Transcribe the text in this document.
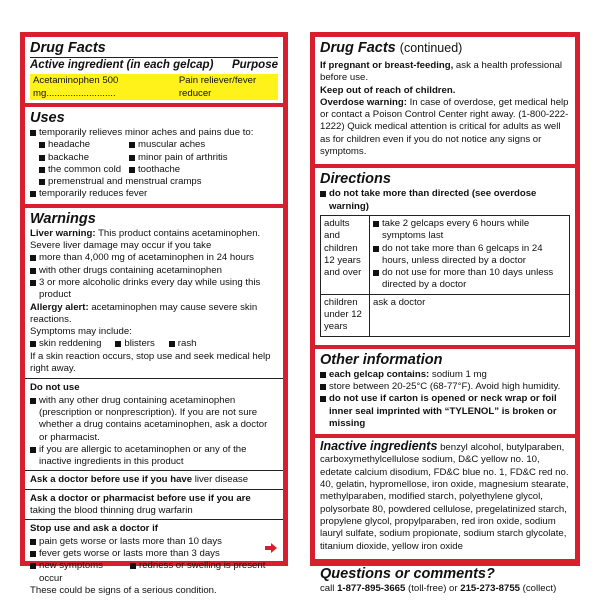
Drug Facts
Active ingredient (in each gelcap) Purpose
Acetaminophen 500 mg..........................
Pain reliever/fever reducer
Uses
temporarily relieves minor aches and pains due to:
headache	muscular aches
backache	minor pain of arthritis
the common cold	toothache
premenstrual and menstrual cramps
temporarily reduces fever
Warnings
Liver warning: This product contains acetaminophen. Severe liver damage may occur if you take
more than 4,000 mg of acetaminophen in 24 hours
with other drugs containing acetaminophen
3 or more alcoholic drinks every day while using this product
Allergy alert: acetaminophen may cause severe skin reactions.
Symptoms may include:
skin reddening	blisters	rash
If a skin reaction occurs, stop use and seek medical help right away.
Do not use
with any other drug containing acetaminophen (prescription or nonprescription). If you are not sure whether a drug contains acetaminophen, ask a doctor or pharmacist.
if you are allergic to acetaminophen or any of the inactive ingredients in this product
Ask a doctor before use if you have liver disease
Ask a doctor or pharmacist before use if you are
taking the blood thinning drug warfarin
Stop use and ask a doctor if
pain gets worse or lasts more than 10 days
fever gets worse or lasts more than 3 days
new symptoms occur
redness or swelling is present
These could be signs of a serious condition.
Drug Facts (continued)
If pregnant or breast-feeding, ask a health professional before use.
Keep out of reach of children.
Overdose warning: In case of overdose, get medical help or contact a Poison Control Center right away. (1-800-222-1222) Quick medical attention is critical for adults as well as for children even if you do not notice any signs or symptoms.
Directions
do not take more than directed (see overdose warning)
adults and children 12 years and over	take 2 gelcaps every 6 hours while symptoms last
do not take more than 6 gelcaps in 24 hours, unless directed by a doctor
do not use for more than 10 days unless directed by a doctor

children under 12 years	ask a doctor
Other information
each gelcap contains: sodium 1 mg
store between 20-25°C (68-77°F). Avoid high humidity.
do not use if carton is opened or neck wrap or foil inner seal imprinted with “TYLENOL” is broken or missing
Inactive ingredients benzyl alcohol, butylparaben, carboxymethylcellulose sodium, D&C yellow no. 10, edetate calcium disodium, FD&C blue no. 1, FD&C red no. 40, gelatin, hypromellose, iron oxide, magnesium stearate, methylparaben, modified starch, polyethylene glycol, polysorbate 80, powdered cellulose, pregelatinized starch, propylene glycol, propylparaben, red iron oxide, sodium lauryl sulfate, sodium propionate, sodium starch glycolate, titanium dioxide, yellow iron oxide
Questions or comments?
call 1-877-895-3665 (toll-free) or 215-273-8755 (collect)
